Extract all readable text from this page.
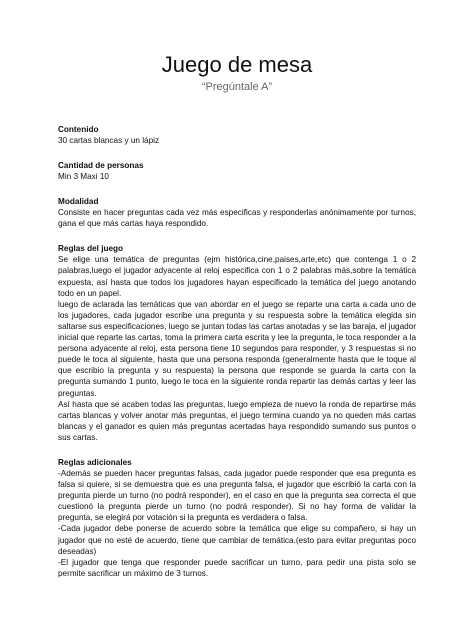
Juego de mesa

“Pregúntale A”

Contenido

30 cartas blancas y un lápiz

Cantidad de personas

Min 3 Maxi 10

Modalidad

Consiste en hacer preguntas cada vez más especificas y responderlas anónimamente por turnos, gana el que más cartas haya respondido.

Reglas del juego

Se elige una temática de preguntas (ejm histórica,cine,paises,arte,etc) que contenga 1 o 2 palabras,luego el jugador adyacente al reloj especifica con 1 o 2 palabras más,sobre la temática expuesta, así hasta que todos los jugadores hayan especificado la temática del juego anotando todo en un papel.

luego de aclarada las temáticas que van abordar en el juego se reparte una carta a cada uno de los jugadores, cada jugador escribe una pregunta y su respuesta sobre la temática elegida sin saltarse sus especificaciones, luego se juntan todas las cartas anotadas y se las baraja, el jugador inicial que reparte las cartas, toma la primera carta escrita y lee la pregunta, le toca responder a la persona adyacente al reloj, esta persona tiene 10 segundos para responder, y 3 respuestas si no puede le toca al siguiente, hasta que una persona responda (generalmente hasta que le toque al que escribio la pregunta y su respuesta) la persona que responde se guarda la carta con la pregunta sumando 1 punto, luego le toca en la siguiente ronda repartir las demás cartas y leer las preguntas.

Así hasta que se acaben todas las preguntas, luego empieza de nuevo la ronda de repartirse más cartas blancas y volver anotar más preguntas, el juego termina cuando ya no queden más cartas blancas y el ganador es quien más preguntas acertadas haya respondido sumando sus puntos o sus cartas.

Reglas adicionales

-Además se pueden hacer preguntas falsas, cada jugador puede responder que esa pregunta es falsa si quiere, si se demuestra que es una pregunta falsa, el jugador que escribió la carta con la pregunta pierde un turno (no podrá responder), en el caso en que la pregunta sea correcta el que cuestionó la pregunta pierde un turno (no podrá responder). Si no hay forma de validar la pregunta, se elegirá por votación si la pregunta es verdadera o falsa.

-Cada jugador debe ponerse de acuerdo sobre la temática que elige su compañero, si hay un jugador que no esté de acuerdo, tiene que cambiar de temática.(esto para evitar preguntas poco deseadas)

-El jugador que tenga que responder puede sacrificar un turno, para pedir una pista solo se permite sacrificar un máximo de 3 turnos.
